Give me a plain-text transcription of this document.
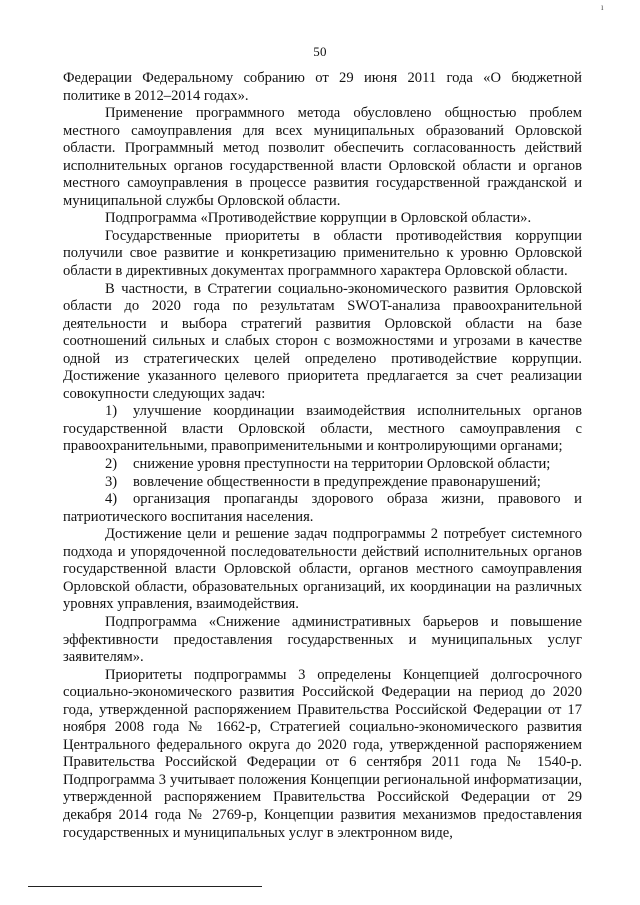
ı
50

Федерации Федеральному собранию от 29 июня 2011 года «О бюджетной политике в 2012–2014 годах».

Применение программного метода обусловлено общностью проблем местного самоуправления для всех муниципальных образований Орловской области. Программный метод позволит обеспечить согласованность действий исполнительных органов государственной власти Орловской области и органов местного самоуправления в процессе развития государственной гражданской и муниципальной службы Орловской области.

Подпрограмма «Противодействие коррупции в Орловской области».

Государственные приоритеты в области противодействия коррупции получили свое развитие и конкретизацию применительно к уровню Орловской области в директивных документах программного характера Орловской области.

В частности, в Стратегии социально-экономического развития Орловской области до 2020 года по результатам SWOT-анализа правоохранительной деятельности и выбора стратегий развития Орловской области на базе соотношений сильных и слабых сторон с возможностями и угрозами в качестве одной из стратегических целей определено противодействие коррупции. Достижение указанного целевого приоритета предлагается за счет реализации совокупности следующих задач:

1) улучшение координации взаимодействия исполнительных органов государственной власти Орловской области, местного самоуправления с правоохранительными, правоприменительными и контролирующими органами;

2) снижение уровня преступности на территории Орловской области;

3) вовлечение общественности в предупреждение правонарушений;

4) организация пропаганды здорового образа жизни, правового и патриотического воспитания населения.

Достижение цели и решение задач подпрограммы 2 потребует системного подхода и упорядоченной последовательности действий исполнительных органов государственной власти Орловской области, органов местного самоуправления Орловской области, образовательных организаций, их координации на различных уровнях управления, взаимодействия.

Подпрограмма «Снижение административных барьеров и повышение эффективности предоставления государственных и муниципальных услуг заявителям».

Приоритеты подпрограммы 3 определены Концепцией долгосрочного социально-экономического развития Российской Федерации на период до 2020 года, утвержденной распоряжением Правительства Российской Федерации от 17 ноября 2008 года № 1662-р, Стратегией социально-экономического развития Центрального федерального округа до 2020 года, утвержденной распоряжением Правительства Российской Федерации от 6 сентября 2011 года № 1540-р. Подпрограмма 3 учитывает положения Концепции региональной информатизации, утвержденной распоряжением Правительства Российской Федерации от 29 декабря 2014 года № 2769-р, Концепции развития механизмов предоставления государственных и муниципальных услуг в электронном виде,
